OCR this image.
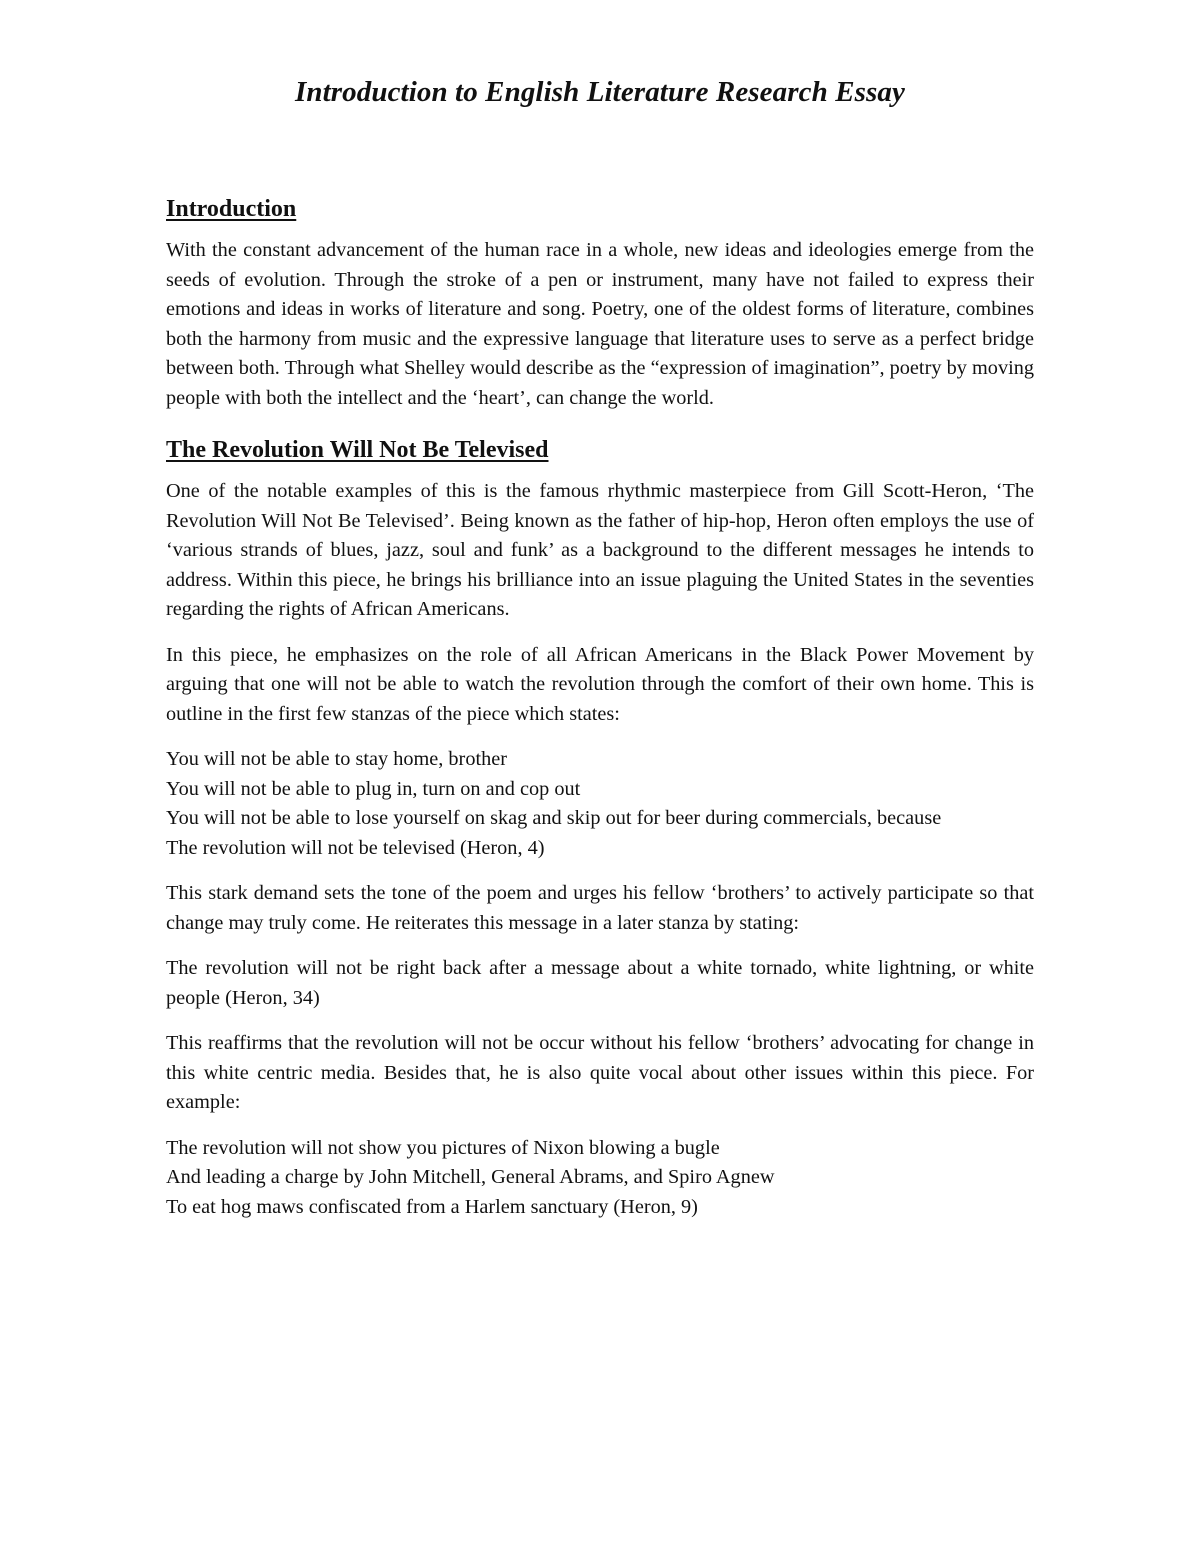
Introduction to English Literature Research Essay
Introduction

With the constant advancement of the human race in a whole, new ideas and ideologies emerge from the seeds of evolution. Through the stroke of a pen or instrument, many have not failed to express their emotions and ideas in works of literature and song. Poetry, one of the oldest forms of literature, combines both the harmony from music and the expressive language that literature uses to serve as a perfect bridge between both. Through what Shelley would describe as the “expression of imagination”, poetry by moving people with both the intellect and the ‘heart’, can change the world.

The Revolution Will Not Be Televised

One of the notable examples of this is the famous rhythmic masterpiece from Gill Scott-Heron, ‘The Revolution Will Not Be Televised’. Being known as the father of hip-hop, Heron often employs the use of ‘various strands of blues, jazz, soul and funk’ as a background to the different messages he intends to address. Within this piece, he brings his brilliance into an issue plaguing the United States in the seventies regarding the rights of African Americans.

In this piece, he emphasizes on the role of all African Americans in the Black Power Movement by arguing that one will not be able to watch the revolution through the comfort of their own home. This is outline in the first few stanzas of the piece which states:

You will not be able to stay home, brother
You will not be able to plug in, turn on and cop out
You will not be able to lose yourself on skag and skip out for beer during commercials, because
The revolution will not be televised (Heron, 4)

This stark demand sets the tone of the poem and urges his fellow ‘brothers’ to actively participate so that change may truly come. He reiterates this message in a later stanza by stating:

The revolution will not be right back after a message about a white tornado, white lightning, or white people (Heron, 34)

This reaffirms that the revolution will not be occur without his fellow ‘brothers’ advocating for change in this white centric media. Besides that, he is also quite vocal about other issues within this piece. For example:

The revolution will not show you pictures of Nixon blowing a bugle
And leading a charge by John Mitchell, General Abrams, and Spiro Agnew
To eat hog maws confiscated from a Harlem sanctuary (Heron, 9)
